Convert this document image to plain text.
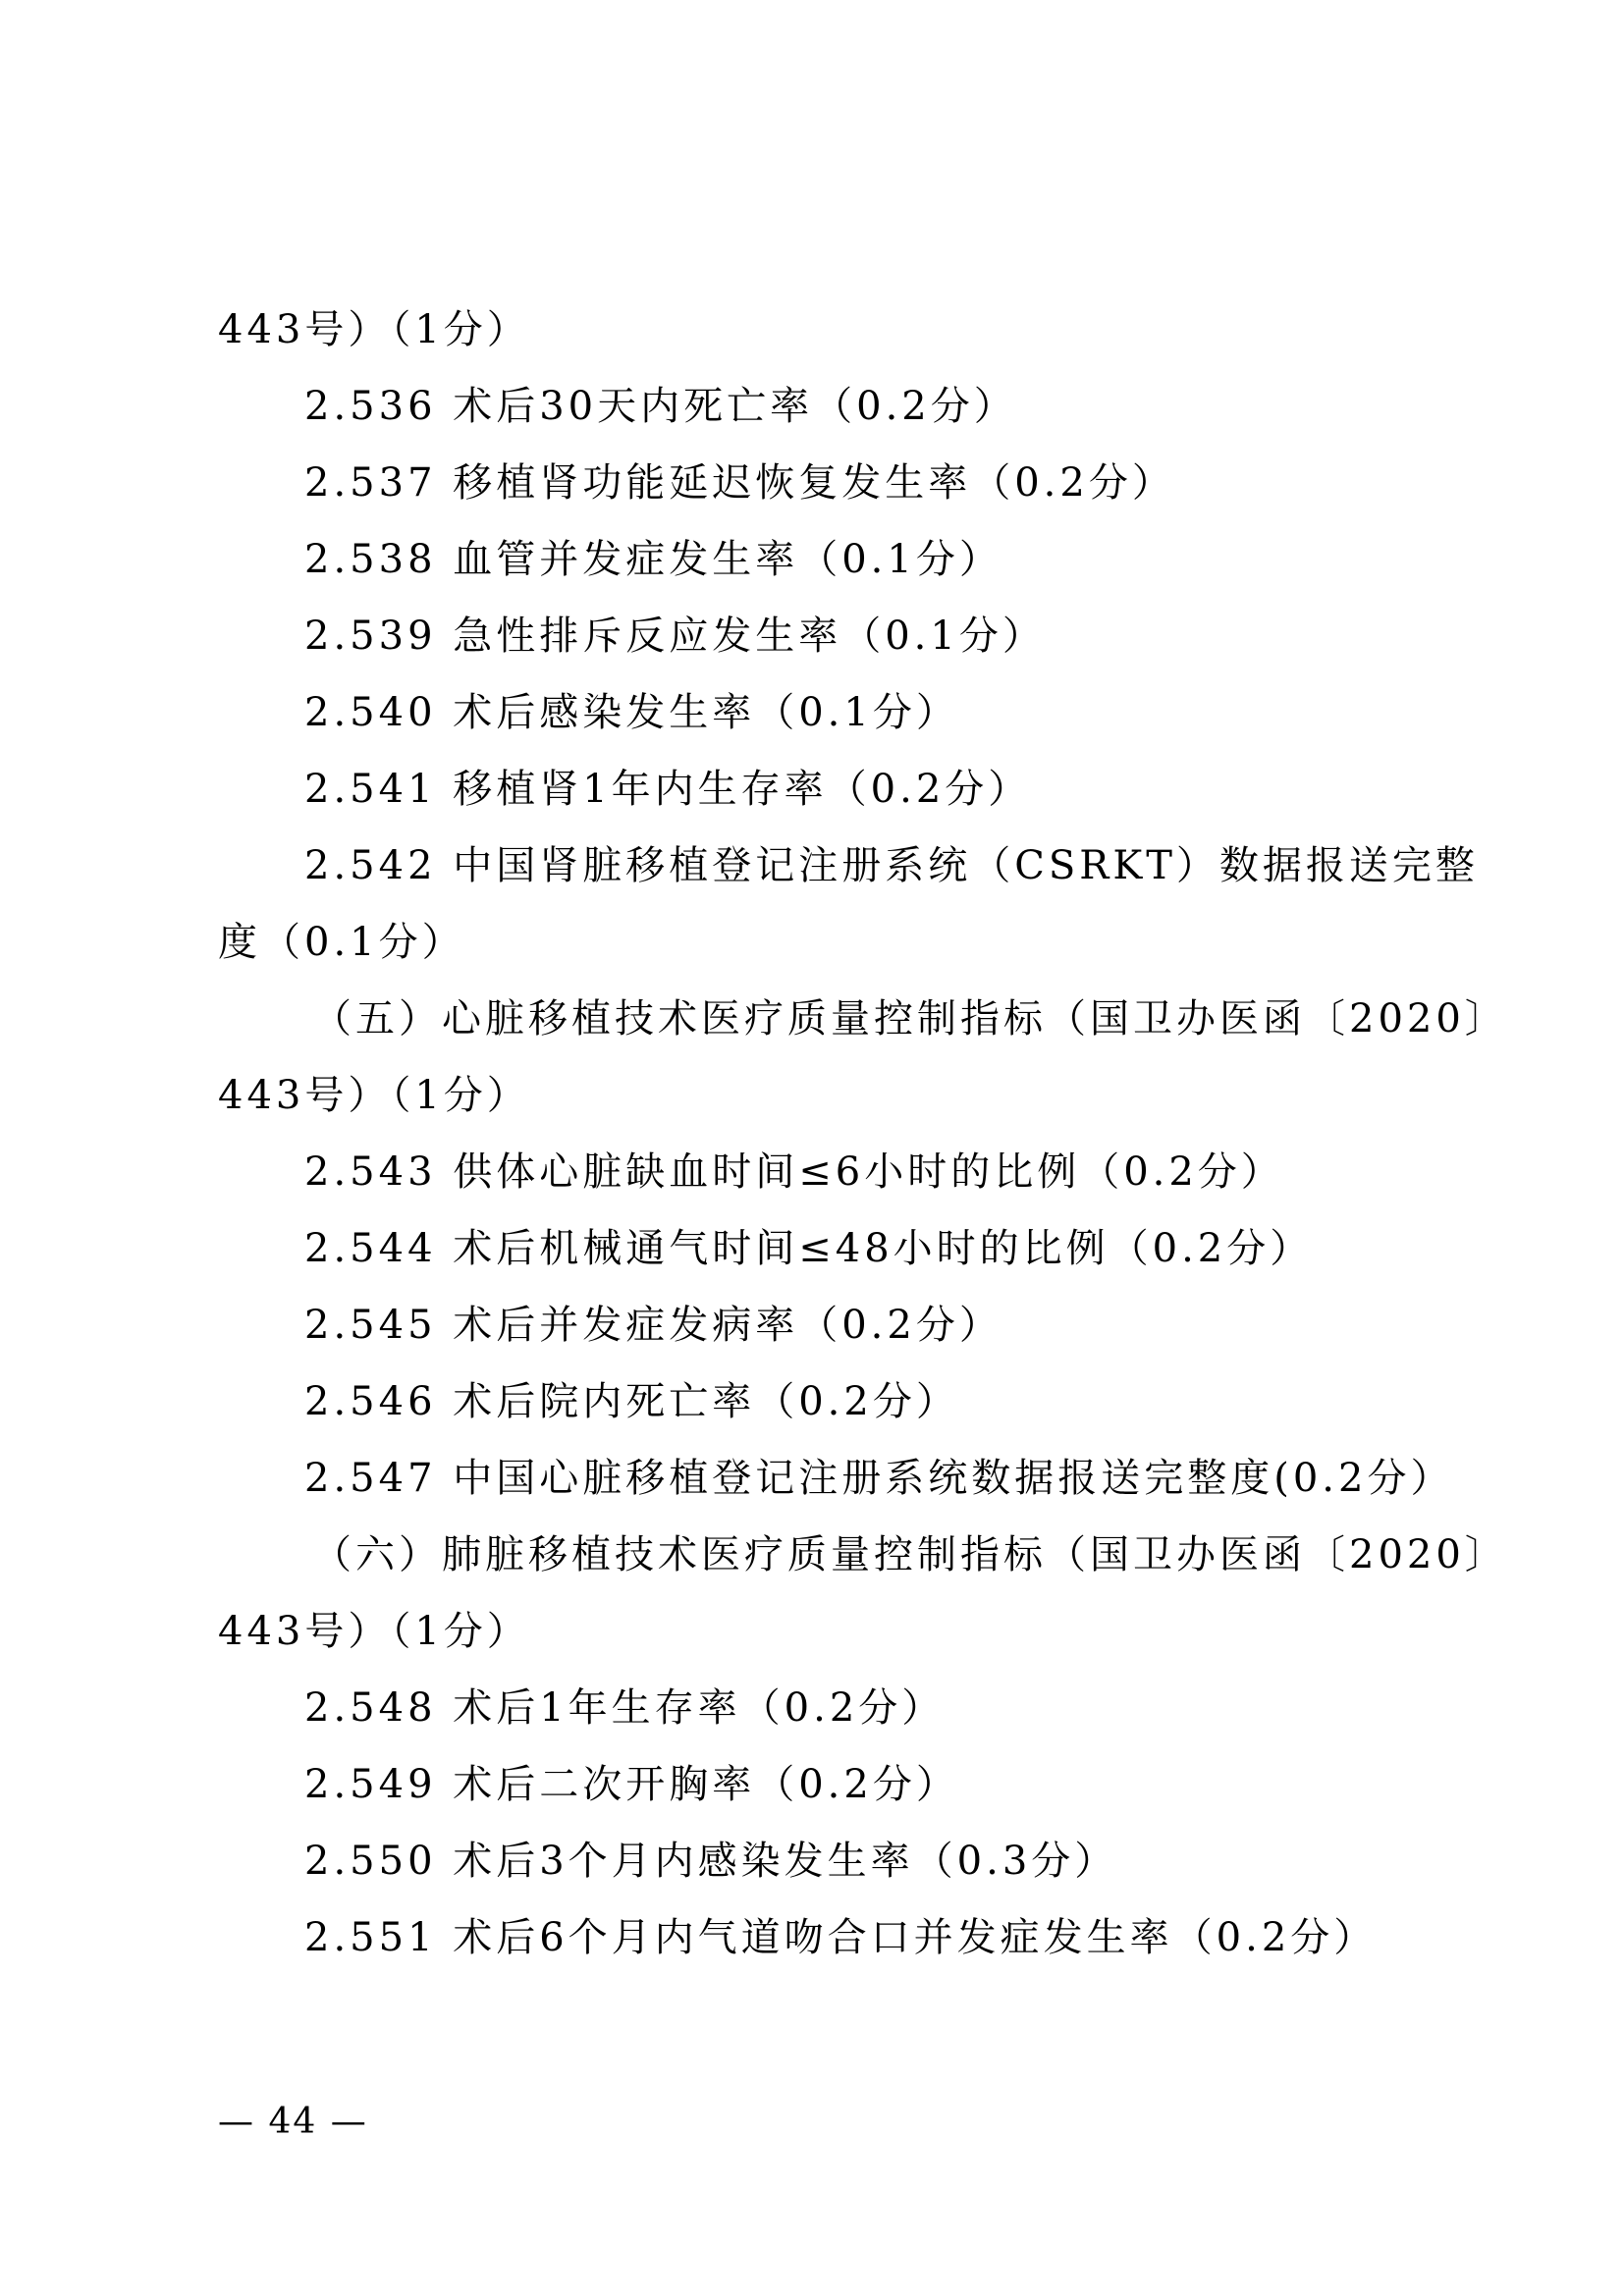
443号）（1分）
2.536 术后30天内死亡率（0.2分）
2.537 移植肾功能延迟恢复发生率（0.2分）
2.538 血管并发症发生率（0.1分）
2.539 急性排斥反应发生率（0.1分）
2.540 术后感染发生率（0.1分）
2.541 移植肾1年内生存率（0.2分）
2.542 中国肾脏移植登记注册系统（CSRKT）数据报送完整
度（0.1分）
（五）心脏移植技术医疗质量控制指标（国卫办医函〔2020〕
443号）（1分）
2.543 供体心脏缺血时间≤6小时的比例（0.2分）
2.544 术后机械通气时间≤48小时的比例（0.2分）
2.545 术后并发症发病率（0.2分）
2.546 术后院内死亡率（0.2分）
2.547 中国心脏移植登记注册系统数据报送完整度(0.2分）
（六）肺脏移植技术医疗质量控制指标（国卫办医函〔2020〕
443号）（1分）
2.548 术后1年生存率（0.2分）
2.549 术后二次开胸率（0.2分）
2.550 术后3个月内感染发生率（0.3分）
2.551 术后6个月内气道吻合口并发症发生率（0.2分）
— 44 —
